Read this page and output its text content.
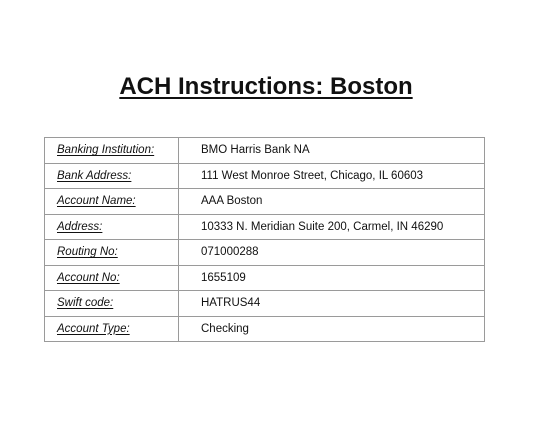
ACH Instructions: Boston
Banking Institution:	BMO Harris Bank NA
Bank Address:	111 West Monroe Street, Chicago, IL 60603
Account Name:	AAA Boston
Address:	10333 N. Meridian Suite 200, Carmel, IN 46290
Routing No:	071000288
Account No:	1655109
Swift code:	HATRUS44
Account Type:	Checking
